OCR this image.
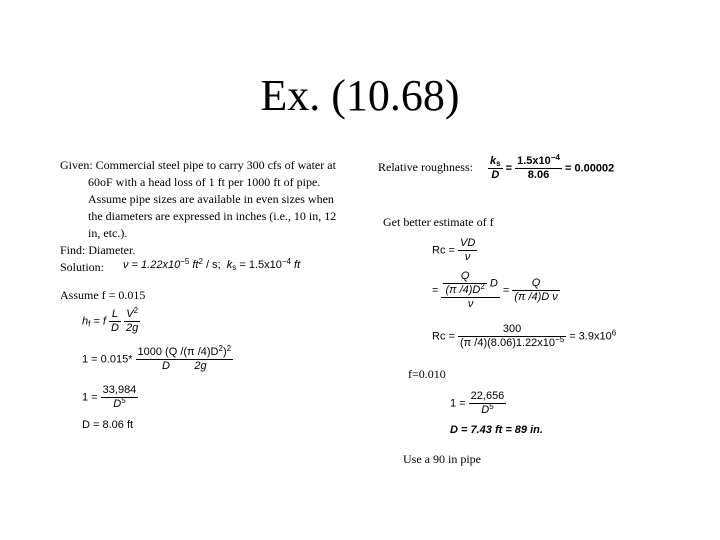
Ex. (10.68)
Given: Commercial steel pipe to carry 300 cfs of water at
60oF with a head loss of 1 ft per 1000 ft of pipe.
Assume pipe sizes are available in even sizes when
the diameters are expressed in inches (i.e., 10 in, 12
in, etc.).
Find: Diameter.
Solution:	$\nu = 1.22x10^{-5}$ $ft^2$ / s; $k_s = 1.5x10^{-4}$ ft
Assume f = 0.015
$h_f = f \frac{L}{D}$
$\frac{V^2}{2g}$
$1 = 0.015* \frac{1000 (Q /(\pi /4)D^2)^2}{D 2g}$
$1 = \frac{33,984}{D^5}$
D = 8.06 ft
Relative roughness: $\frac{k_s}{D} = \frac{1.5x10^{-4}}{8.06} = 0.00002$
Get better estimate of f
$Rc = \frac{VD}{\nu}$
= $\frac{\frac{Q}{(\pi /4)D^2} D}{\nu} = \frac{Q}{\text{(π /4)D ν}}$
$Rc = \frac{300}{(\pi /4)(8.06)1.22x10^{-5}} = 3.9x10^6$
f=0.010
$1 = \frac{22,656}{D^5}$
D = 7.43 ft = 89 in.
Use a 90 in pipe
